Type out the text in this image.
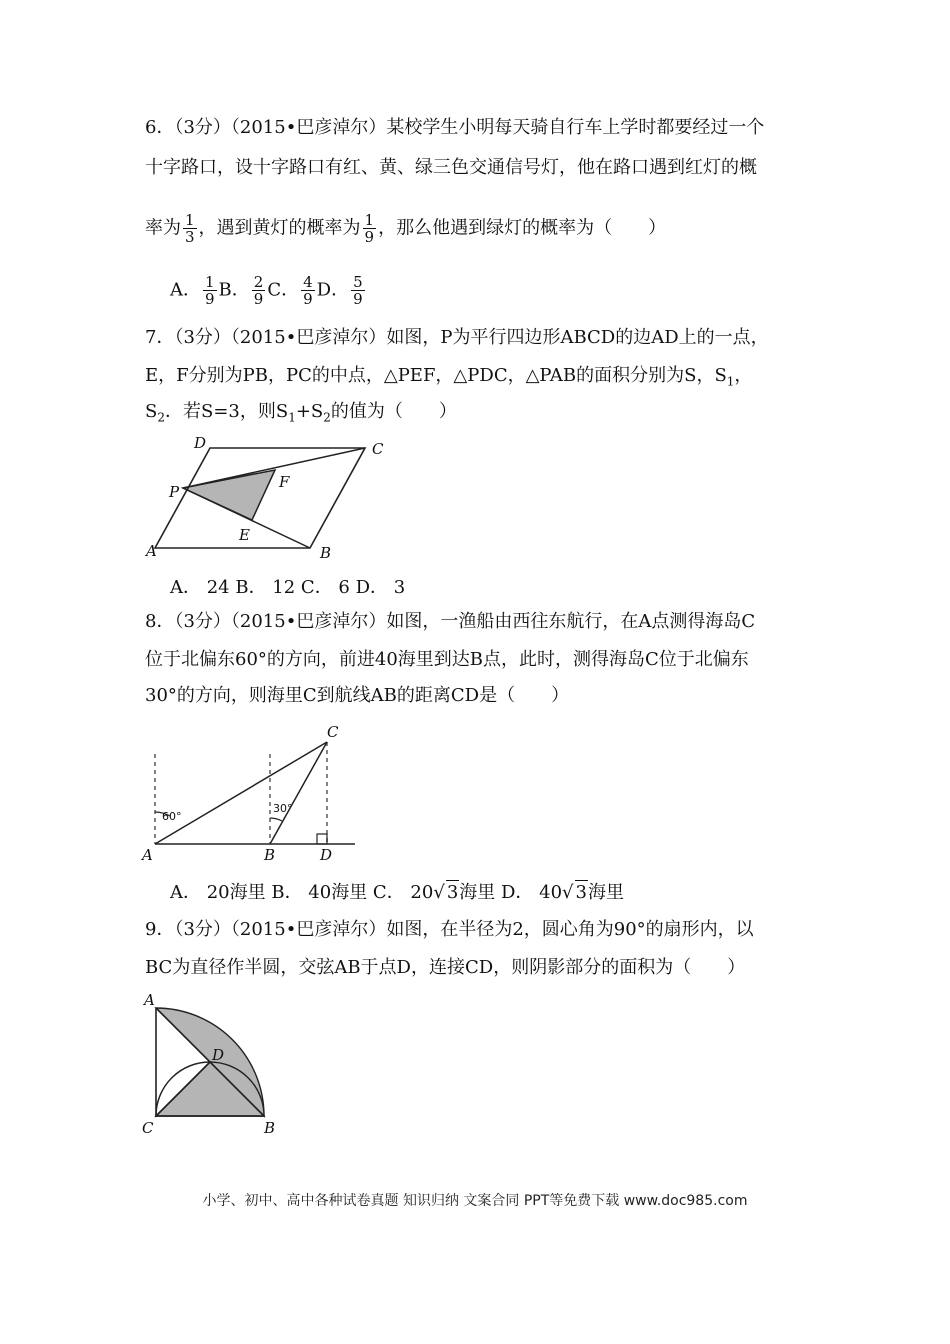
6．（3分）（2015•巴彦淖尔）某校学生小明每天骑自行车上学时都要经过一个
十字路口，设十字路口有红、黄、绿三色交通信号灯，他在路口遇到红灯的概
率为 $\frac{1}{3}$ ，遇到黄灯的概率为 $\frac{1}{9}$ ，那么他遇到绿灯的概率为（　　）
A． $\frac{1}{9}$ B． $\frac{2}{9}$ C． $\frac{4}{9}$ D． $\frac{5}{9}$
7．（3分）（2015•巴彦淖尔）如图，P为平行四边形ABCD的边AD上的一点，
E，F分别为PB，PC的中点，△PEF，△PDC，△PAB的面积分别为S，$S_1$，
$S_2$．若S=3，则$S_1+S_2$的值为（　　）
A	B
C
D
E
F
P
A． 24 B． 12 C． 6 D． 3
8．（3分）（2015•巴彦淖尔）如图，一渔船由西往东航行，在A点测得海岛C
位于北偏东60°的方向，前进40海里到达B点，此时，测得海岛C位于北偏东
30°的方向，则海里C到航线AB的距离CD是（　　）
A	B
C
D
60°
30°
A． 20海里 B． 40海里 C． 20√ 3海里 D． 40√ 3海里
9．（3分）（2015•巴彦淖尔）如图，在半径为2，圆心角为90°的扇形内，以
BC为直径作半圆，交弦AB于点D，连接CD，则阴影部分的面积为（　　）
A
B
C
D
小学、初中、高中各种试卷真题 知识归纳 文案合同 PPT等免费下载 www.doc985.com
